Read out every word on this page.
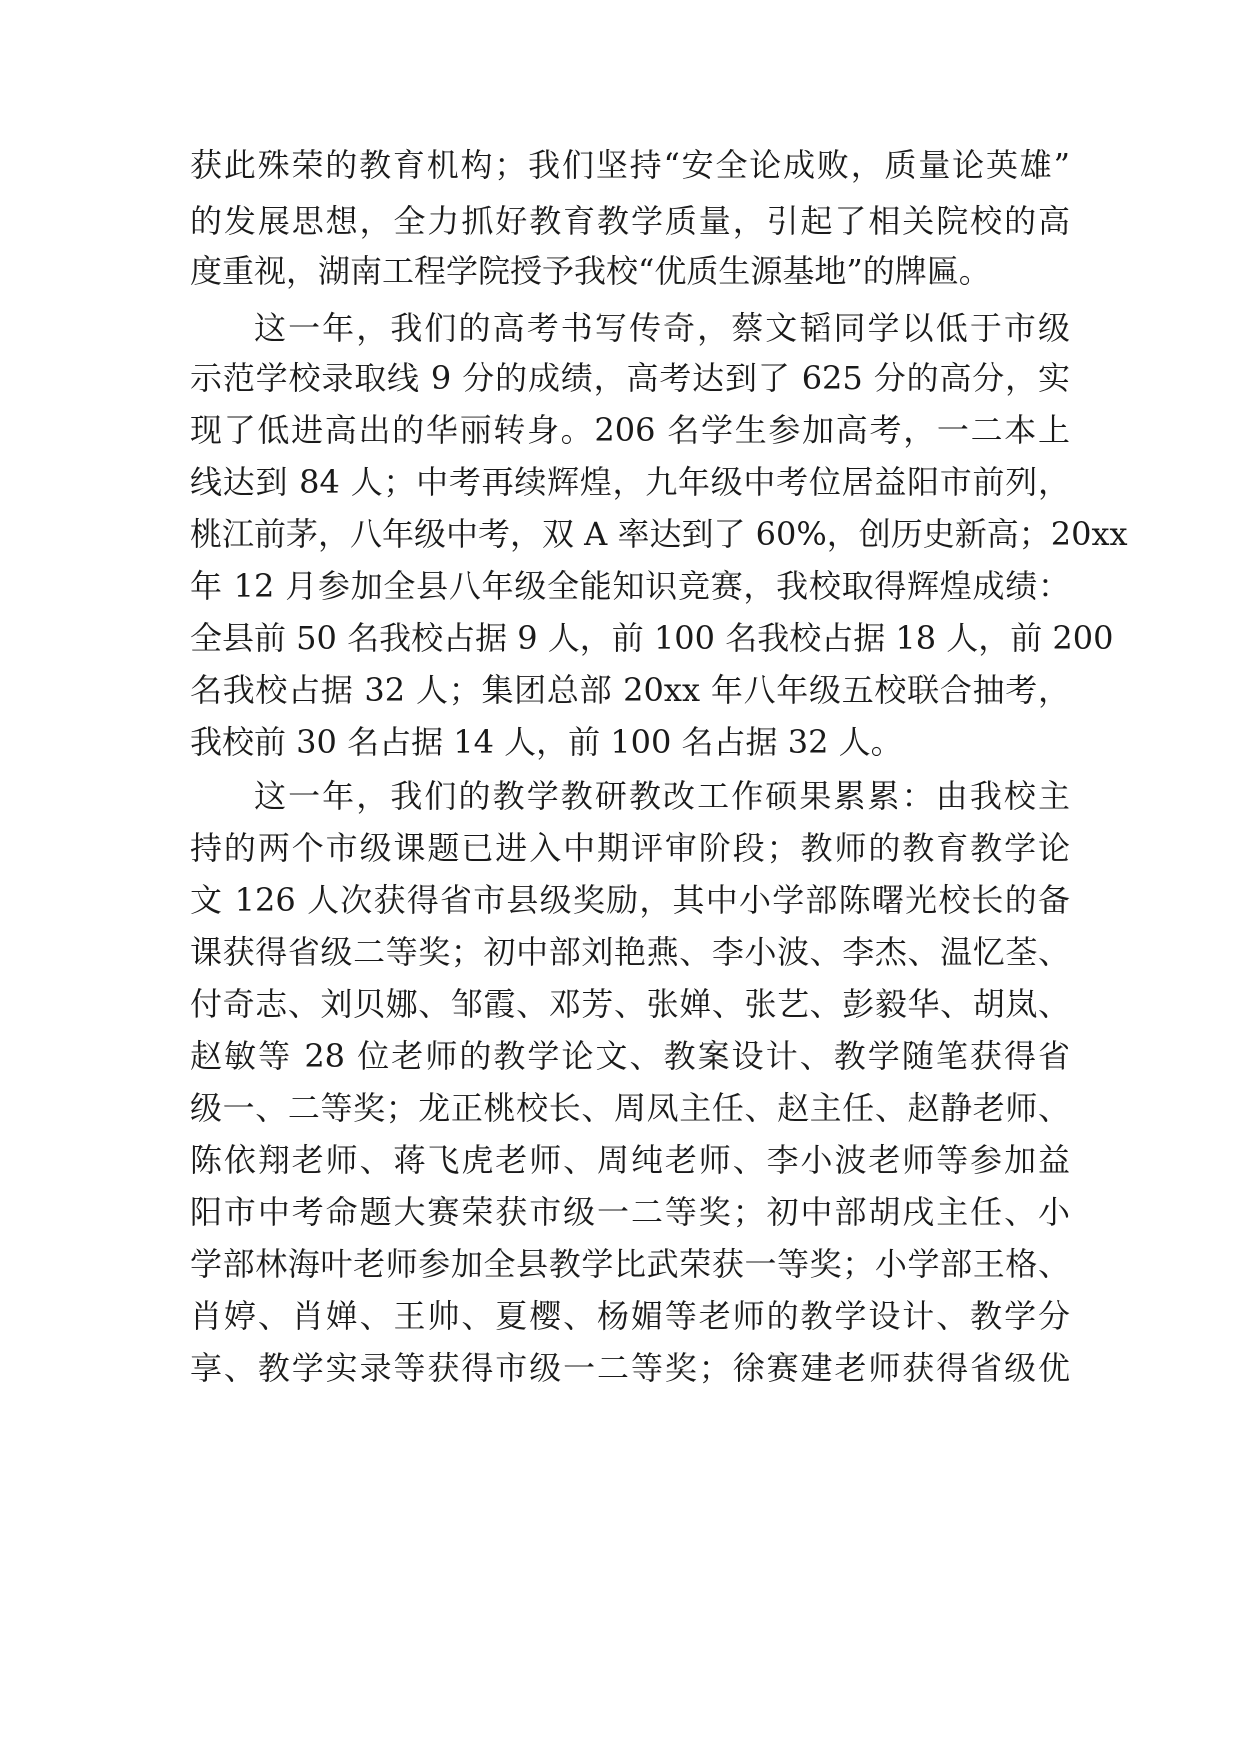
获此殊荣的教育机构；我们坚持“安全论成败，质量论英雄”
的发展思想，全力抓好教育教学质量，引起了相关院校的高
度重视，湖南工程学院授予我校“优质生源基地”的牌匾。
这一年，我们的高考书写传奇，蔡文韬同学以低于市级
示范学校录取线 9 分的成绩，高考达到了 625 分的高分，实
现了低进高出的华丽转身。206 名学生参加高考，一二本上
线达到 84 人；中考再续辉煌，九年级中考位居益阳市前列，
桃江前茅，八年级中考，双 A 率达到了 60%，创历史新高；20xx
年 12 月参加全县八年级全能知识竞赛，我校取得辉煌成绩：
全县前 50 名我校占据 9 人，前 100 名我校占据 18 人，前 200
名我校占据 32 人；集团总部 20xx 年八年级五校联合抽考，
我校前 30 名占据 14 人，前 100 名占据 32 人。
这一年，我们的教学教研教改工作硕果累累：由我校主
持的两个市级课题已进入中期评审阶段；教师的教育教学论
文 126 人次获得省市县级奖励，其中小学部陈曙光校长的备
课获得省级二等奖；初中部刘艳燕、李小波、李杰、温忆荃、
付奇志、刘贝娜、邹霞、邓芳、张婵、张艺、彭毅华、胡岚、
赵敏等 28 位老师的教学论文、教案设计、教学随笔获得省
级一、二等奖；龙正桃校长、周凤主任、赵主任、赵静老师、
陈依翔老师、蒋飞虎老师、周纯老师、李小波老师等参加益
阳市中考命题大赛荣获市级一二等奖；初中部胡戌主任、小
学部林海叶老师参加全县教学比武荣获一等奖；小学部王格、
肖婷、肖婵、王帅、夏樱、杨媚等老师的教学设计、教学分
享、教学实录等获得市级一二等奖；徐赛建老师获得省级优
